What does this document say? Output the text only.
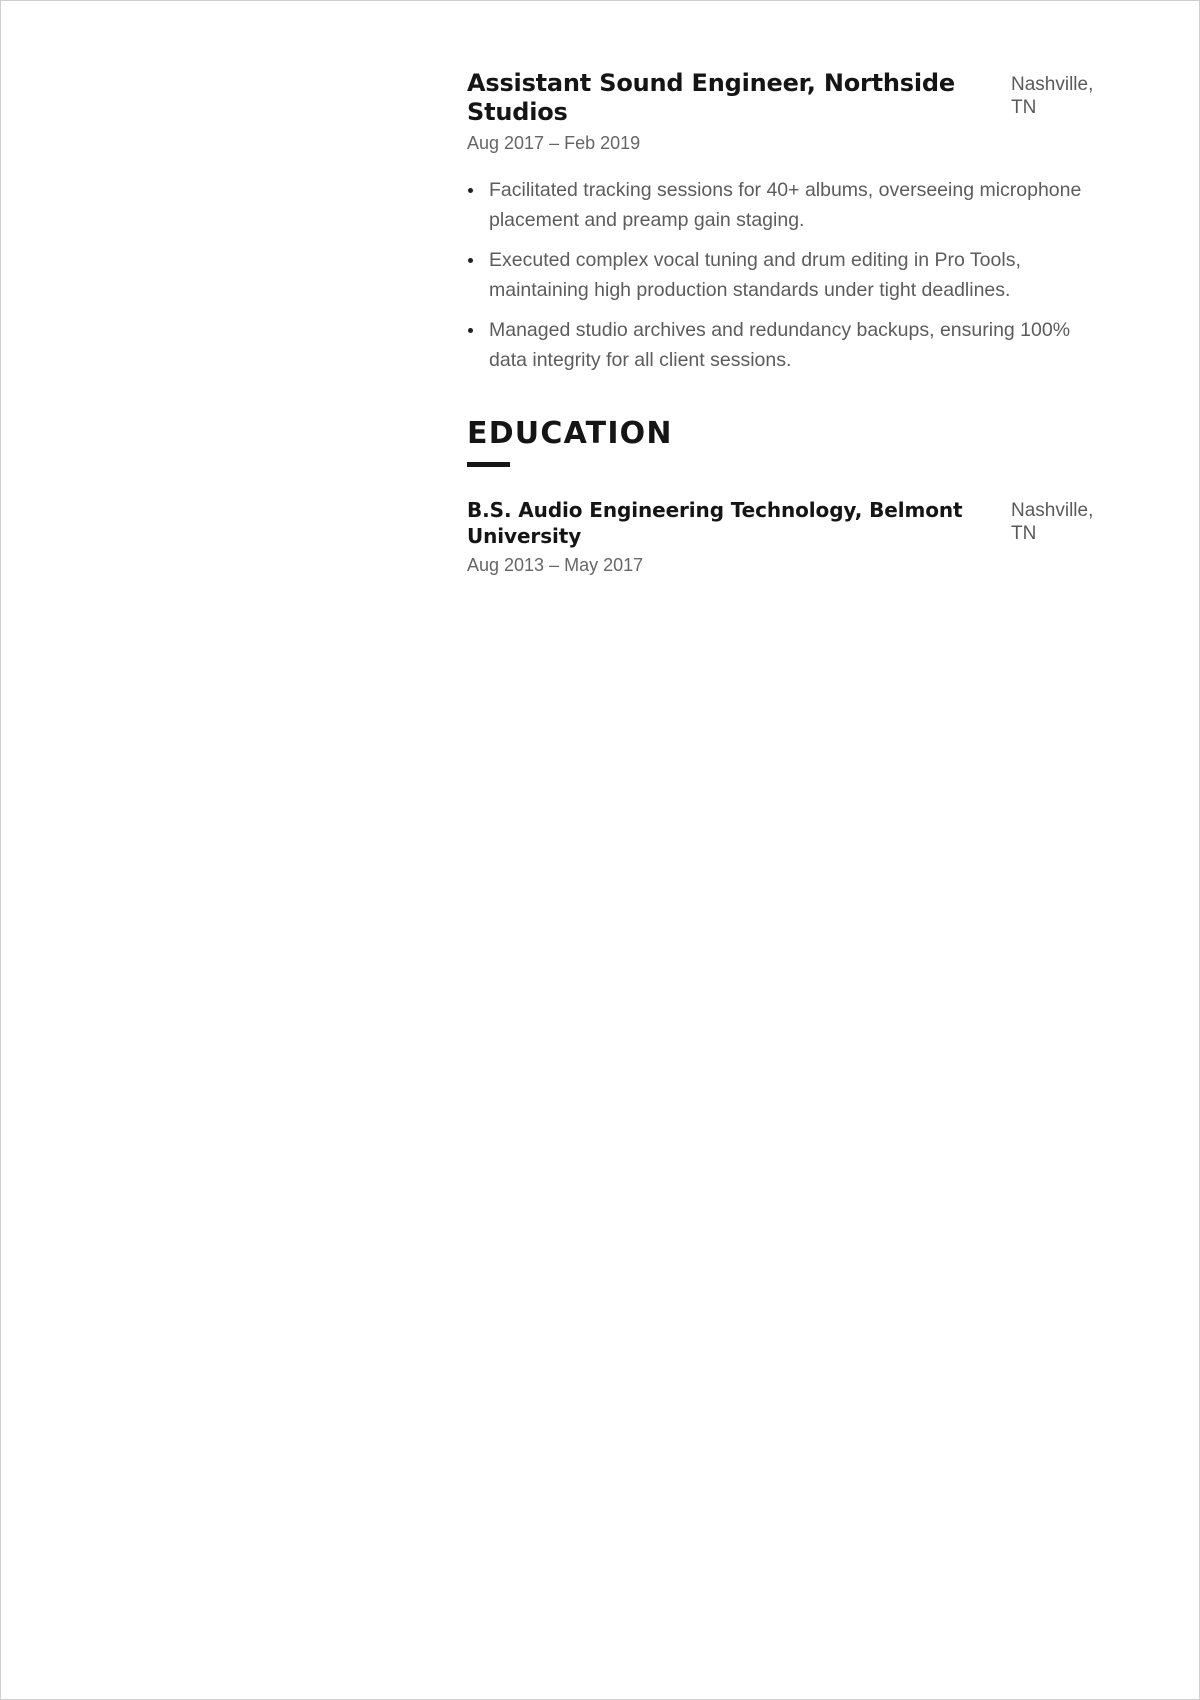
Assistant Sound Engineer, Northside Studios
Nashville, TN
Aug 2017 – Feb 2019
Facilitated tracking sessions for 40+ albums, overseeing microphone placement and preamp gain staging.
Executed complex vocal tuning and drum editing in Pro Tools, maintaining high production standards under tight deadlines.
Managed studio archives and redundancy backups, ensuring 100% data integrity for all client sessions.
EDUCATION
B.S. Audio Engineering Technology, Belmont University
Nashville, TN
Aug 2013 – May 2017
